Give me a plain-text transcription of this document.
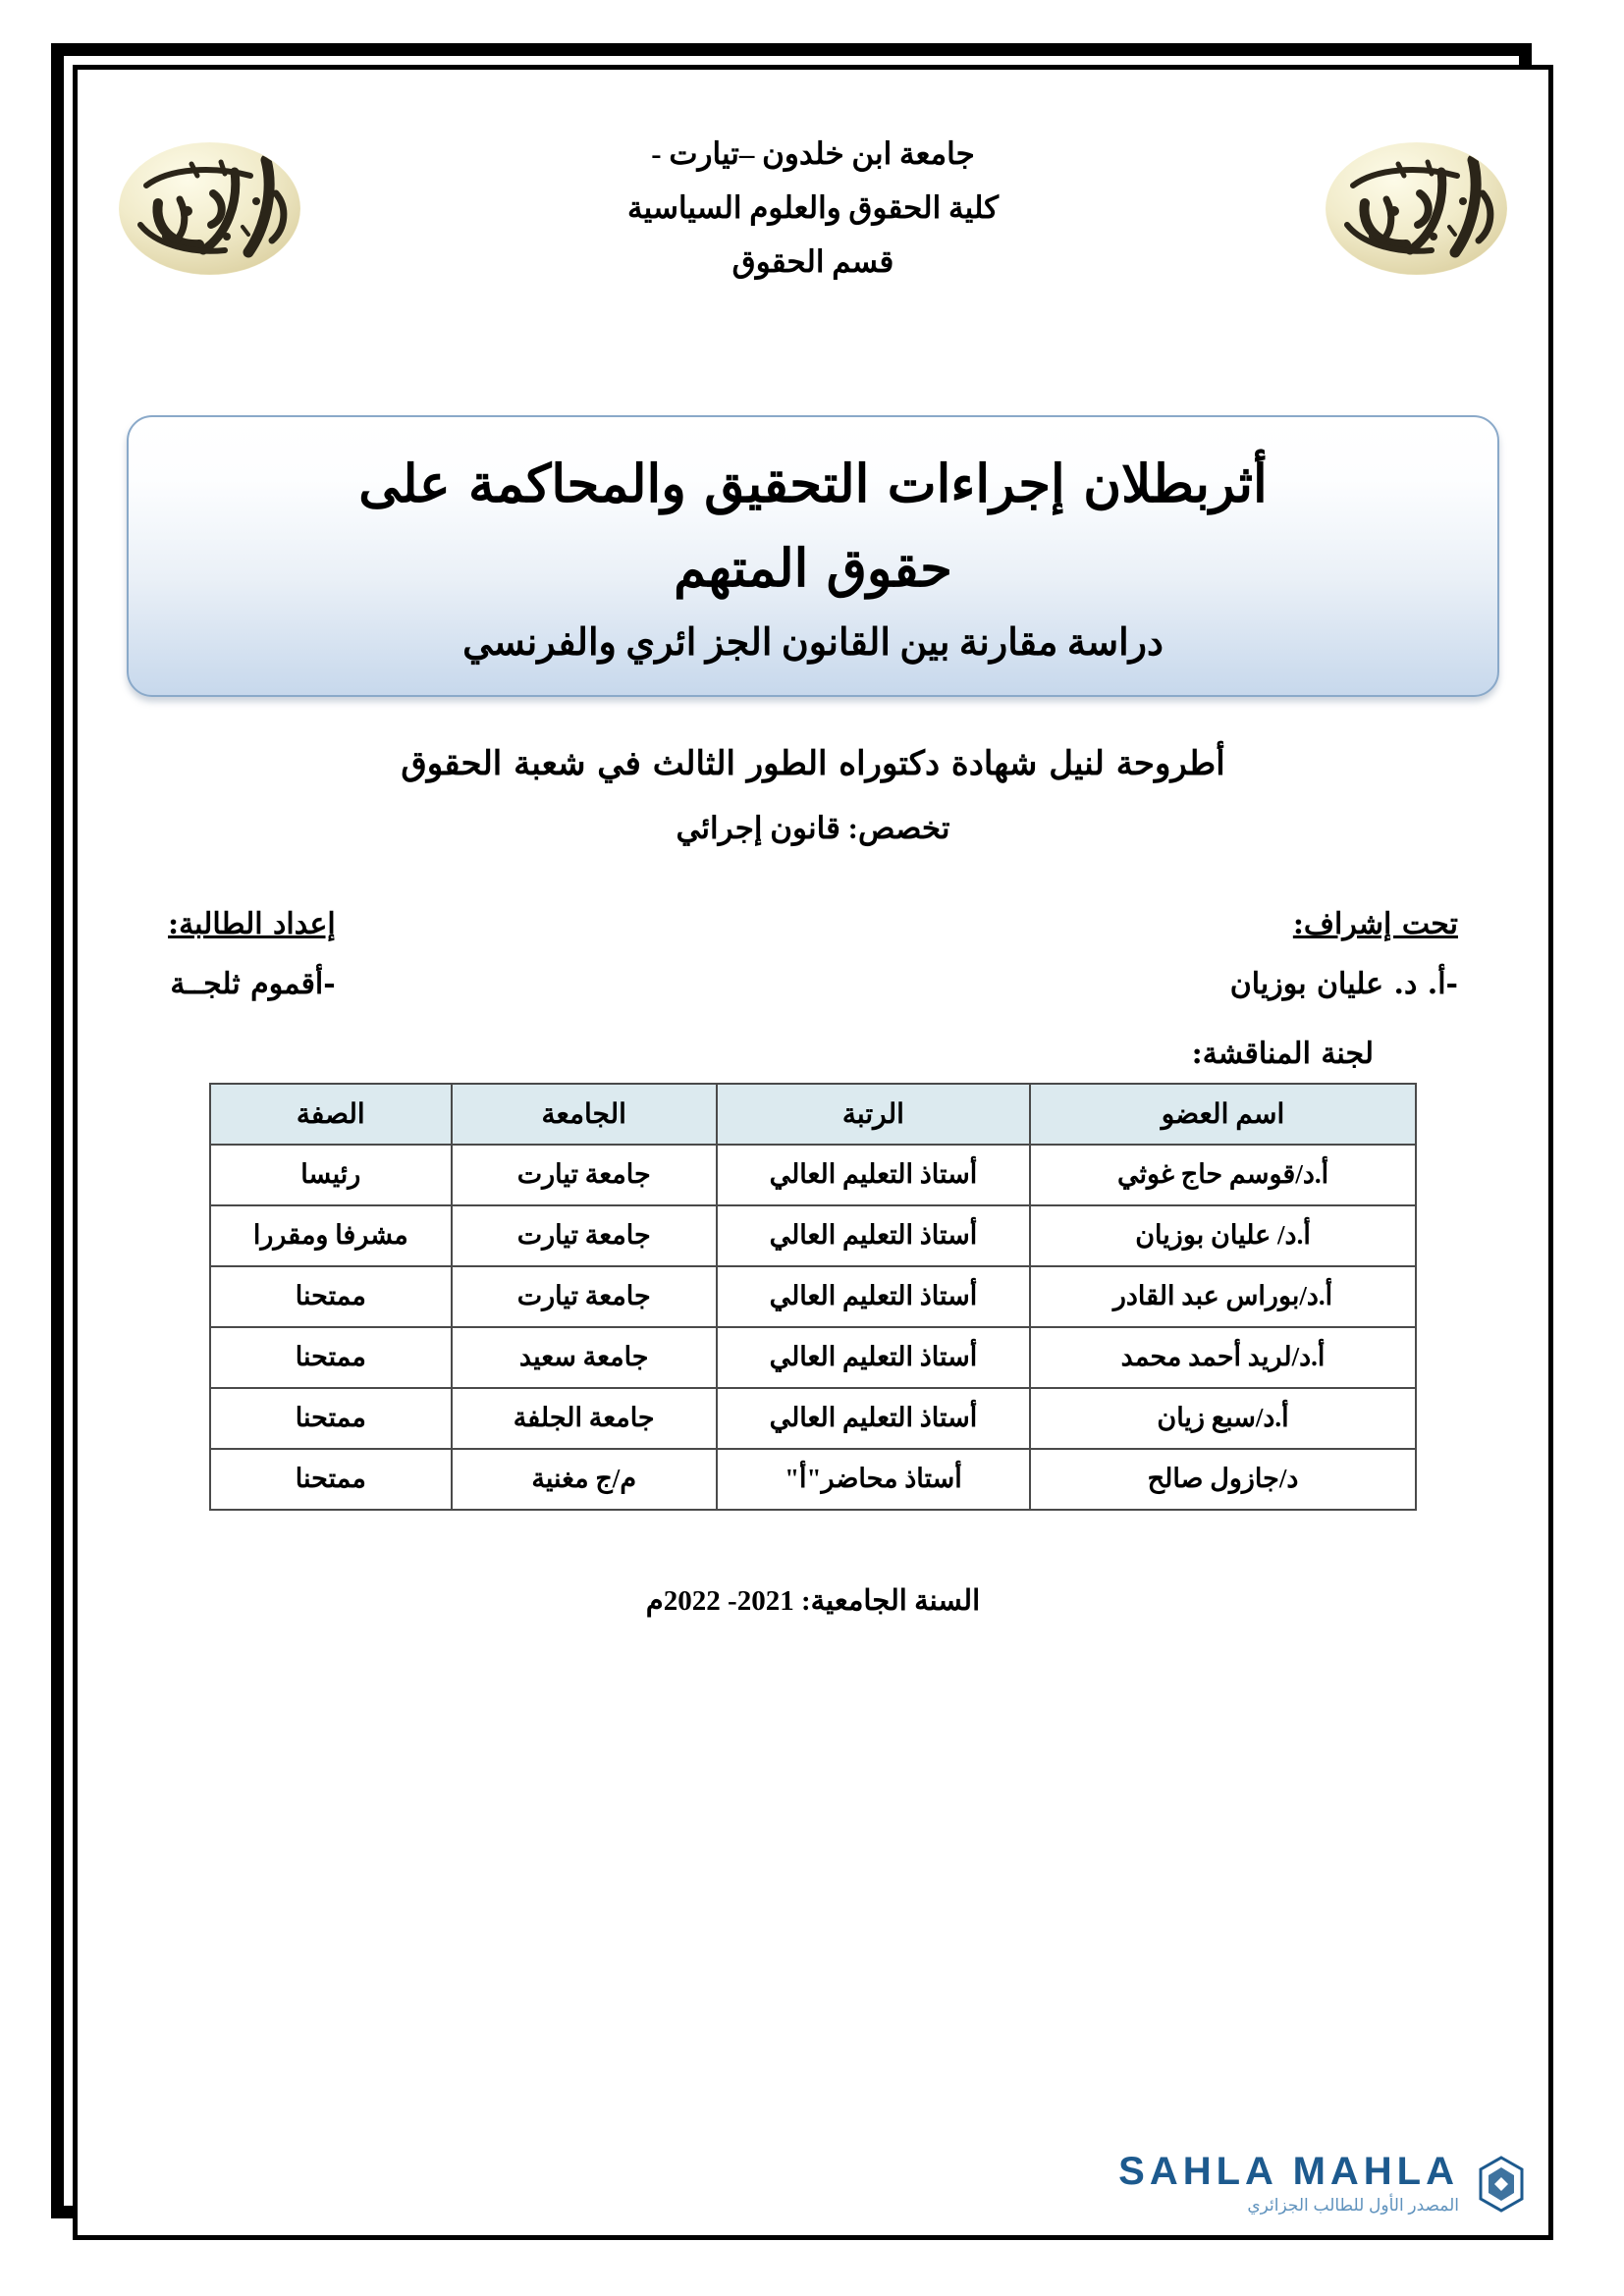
جامعة ابن خلدون –تيارت -
كلية الحقوق والعلوم السياسية
قسم الحقوق
أثربطلان إجراءات التحقيق والمحاكمة على
حقوق المتهم
دراسة مقارنة بين القانون الجز ائري والفرنسي
أطروحة لنيل شهادة دكتوراه الطور الثالث في شعبة الحقوق
تخصص: قانون إجرائي
تحت إشراف:
-أ. د. عليان بوزيان
إعداد الطالبة:
-أقموم ثلجــة
لجنة المناقشة:
اسم العضو	الرتبة	الجامعة	الصفة
أ.د/قوسم حاج غوثي	أستاذ التعليم العالي	جامعة تيارت	رئيسا
أ.د/ عليان بوزيان	أستاذ التعليم العالي	جامعة تيارت	مشرفا ومقررا
أ.د/بوراس عبد القادر	أستاذ التعليم العالي	جامعة تيارت	ممتحنا
أ.د/لريد أحمد محمد	أستاذ التعليم العالي	جامعة سعيد	ممتحنا
أ.د/سبع زيان	أستاذ التعليم العالي	جامعة الجلفة	ممتحنا
د/جازول صالح	أستاذ محاضر"أ"	م/ج مغنية	ممتحنا
السنة الجامعية: 2021- 2022م
SAHLA MAHLA
المصدر الأول للطالب الجزائري
